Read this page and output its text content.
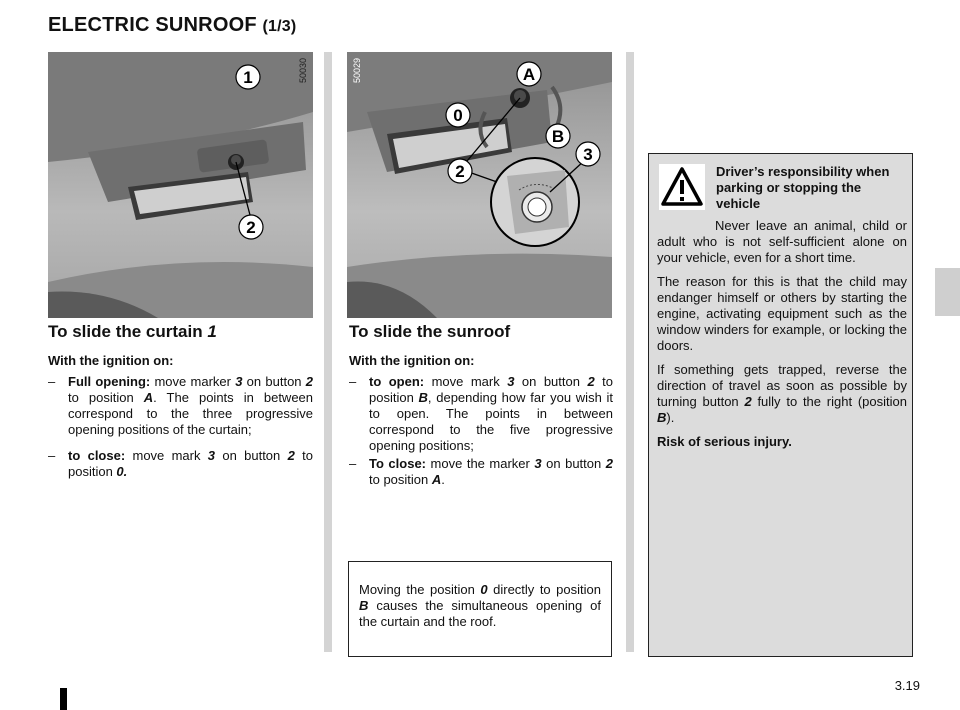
ELECTRIC SUNROOF (1/3)
1
2
50030	A
0
B
2
3
50029
To slide the curtain 1
With the ignition on:
– Full opening: move marker 3 on button 2 to position A. The points in between correspond to the three progressive opening positions of the curtain;
– to close: move mark 3 on button 2 to position 0.
To slide the sunroof
With the ignition on:
– to open: move mark 3 on button 2 to position B, depending how far you wish it to open. The points in between correspond to the five progressive opening positions;
– To close: move the marker 3 on button 2 to position A.
Moving the position 0 directly to position B causes the simultaneous opening of the curtain and the roof.
Driver’s responsibility when parking or stopping the vehicle

Never leave an animal, child or adult who is not self-sufficient alone on your vehicle, even for a short time.

The reason for this is that the child may endanger himself or others by starting the engine, activating equipment such as the window winders for example, or locking the doors.

If something gets trapped, reverse the direction of travel as soon as possible by turning button 2 fully to the right (position B).

Risk of serious injury.

3.19
